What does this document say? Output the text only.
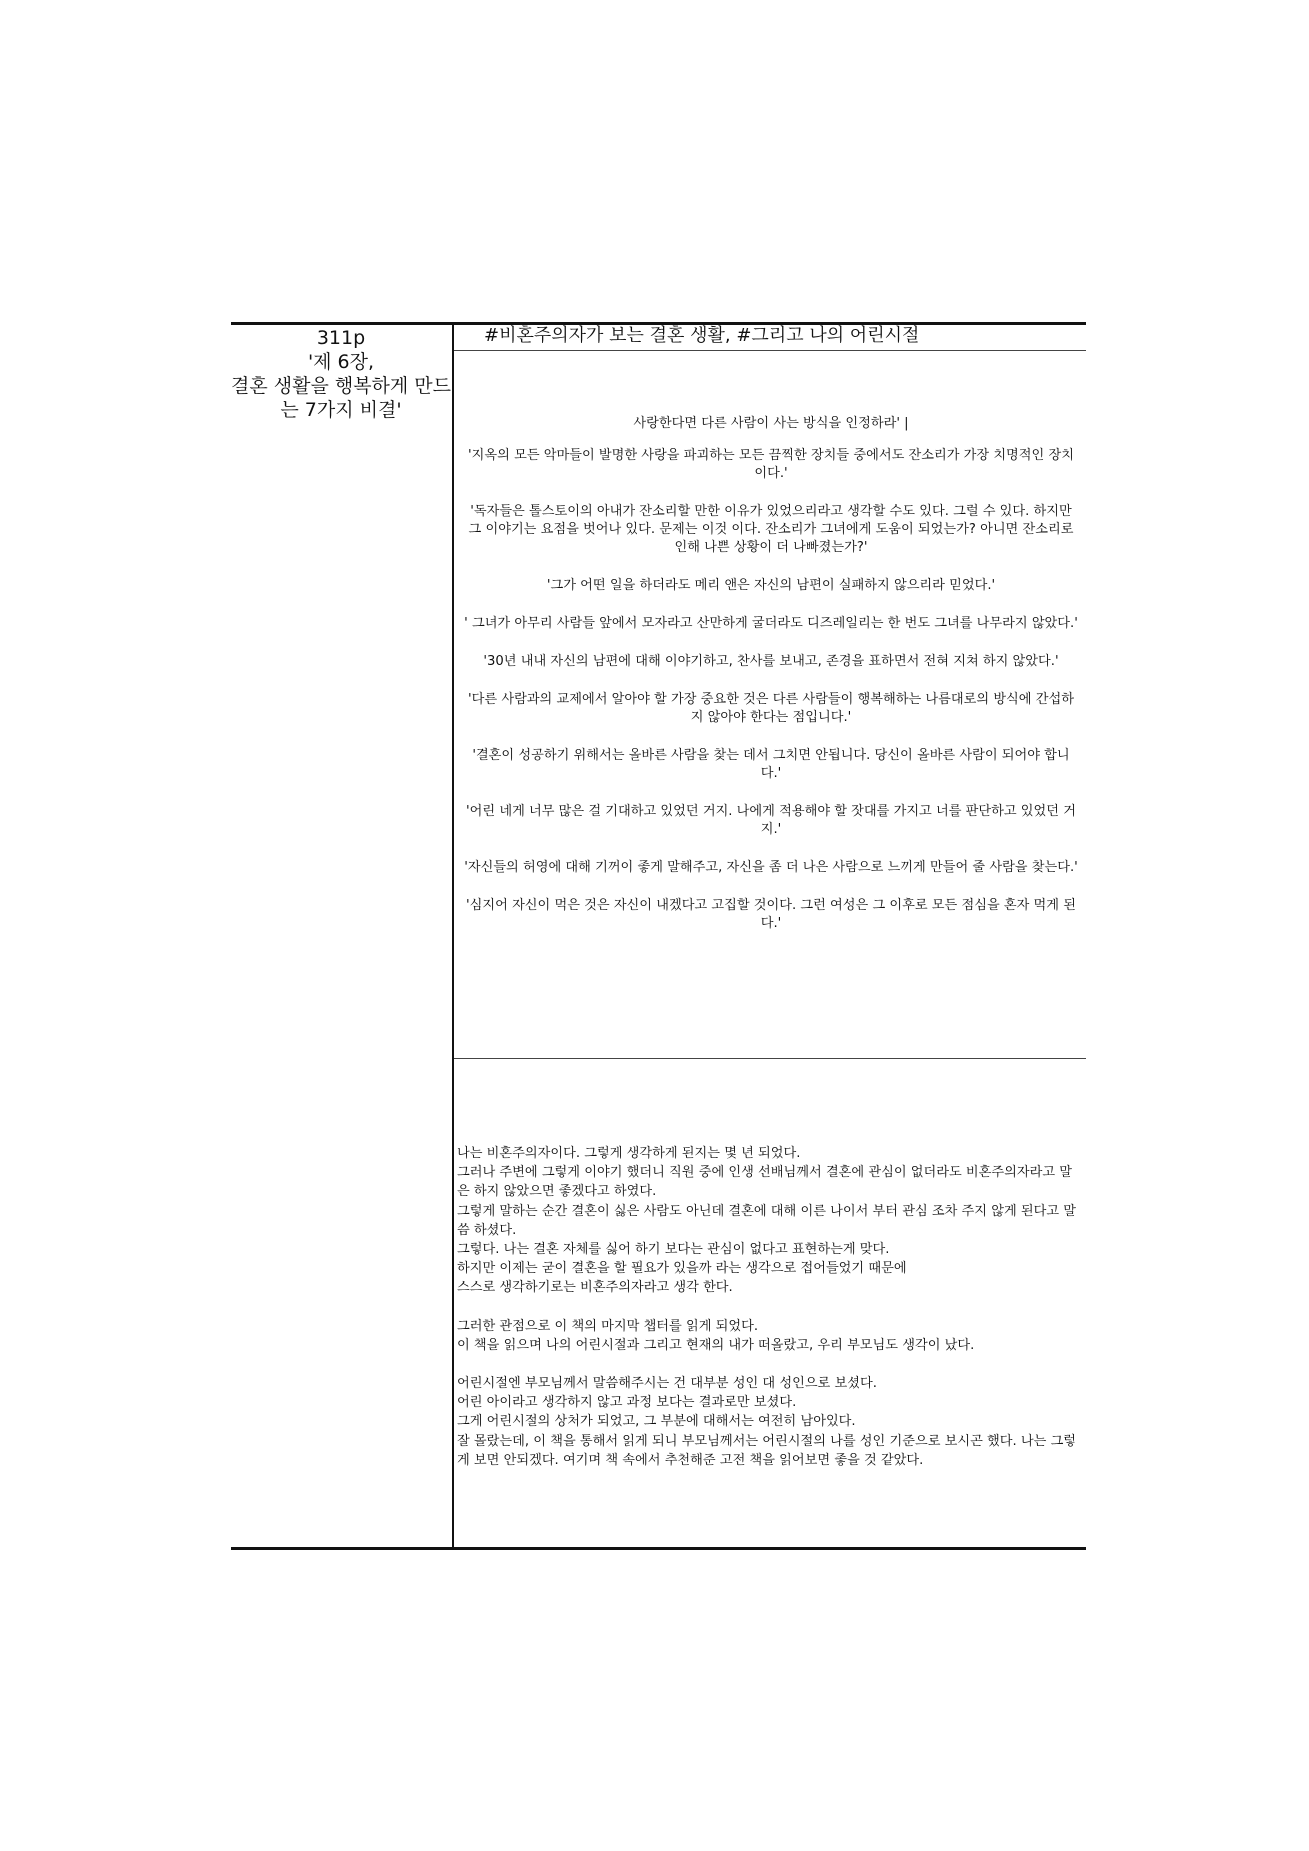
311p
'제 6장,
결혼 생활을 행복하게 만드
는 7가지 비결'
#비혼주의자가 보는 결혼 생활, #그리고 나의 어린시절

사랑한다면 다른 사람이 사는 방식을 인정하라' |

'지옥의 모든 악마들이 발명한 사랑을 파괴하는 모든 끔찍한 장치들 중에서도 잔소리가 가장 치명적인 장치이다.'

'독자들은 톨스토이의 아내가 잔소리할 만한 이유가 있었으리라고 생각할 수도 있다. 그럴 수 있다. 하지만 그 이야기는 요점을 벗어나 있다. 문제는 이것 이다. 잔소리가 그녀에게 도움이 되었는가? 아니면 잔소리로 인해 나쁜 상황이 더 나빠졌는가?'

'그가 어떤 일을 하더라도 메리 앤은 자신의 남편이 실패하지 않으리라 믿었다.'

' 그녀가 아무리 사람들 앞에서 모자라고 산만하게 굴더라도 디즈레일리는 한 번도 그녀를 나무라지 않았다.'

'30년 내내 자신의 남편에 대해 이야기하고, 찬사를 보내고, 존경을 표하면서 전혀 지쳐 하지 않았다.'

'다른 사람과의 교제에서 알아야 할 가장 중요한 것은 다른 사람들이 행복해하는 나름대로의 방식에 간섭하지 않아야 한다는 점입니다.'

'결혼이 성공하기 위해서는 올바른 사람을 찾는 데서 그치면 안됩니다. 당신이 올바른 사람이 되어야 합니다.'

'어린 네게 너무 많은 걸 기대하고 있었던 거지. 나에게 적용해야 할 잣대를 가지고 너를 판단하고 있었던 거지.'

'자신들의 허영에 대해 기꺼이 좋게 말해주고, 자신을 좀 더 나은 사람으로 느끼게 만들어 줄 사람을 찾는다.'

'심지어 자신이 먹은 것은 자신이 내겠다고 고집할 것이다. 그런 여성은 그 이후로 모든 점심을 혼자 먹게 된다.'

나는 비혼주의자이다. 그렇게 생각하게 된지는 몇 년 되었다.

그러나 주변에 그렇게 이야기 했더니 직원 중에 인생 선배님께서 결혼에 관심이 없더라도 비혼주의자라고 말은 하지 않았으면 좋겠다고 하였다.

그렇게 말하는 순간 결혼이 싫은 사람도 아닌데 결혼에 대해 이른 나이서 부터 관심 조차 주지 않게 된다고 말씀 하셨다.

그렇다. 나는 결혼 자체를 싫어 하기 보다는 관심이 없다고 표현하는게 맞다.

하지만 이제는 굳이 결혼을 할 필요가 있을까 라는 생각으로 접어들었기 때문에

스스로 생각하기로는 비혼주의자라고 생각 한다.

그러한 관점으로 이 책의 마지막 챕터를 읽게 되었다.

이 책을 읽으며 나의 어린시절과 그리고 현재의 내가 떠올랐고, 우리 부모님도 생각이 났다.

어린시절엔 부모님께서 말씀해주시는 건 대부분 성인 대 성인으로 보셨다.

어린 아이라고 생각하지 않고 과정 보다는 결과로만 보셨다.

그게 어린시절의 상처가 되었고, 그 부분에 대해서는 여전히 남아있다.

잘 몰랐는데, 이 책을 통해서 읽게 되니 부모님께서는 어린시절의 나를 성인 기준으로 보시곤 했다. 나는 그렇게 보면 안되겠다. 여기며 책 속에서 추천해준 고전 책을 읽어보면 좋을 것 같았다.
